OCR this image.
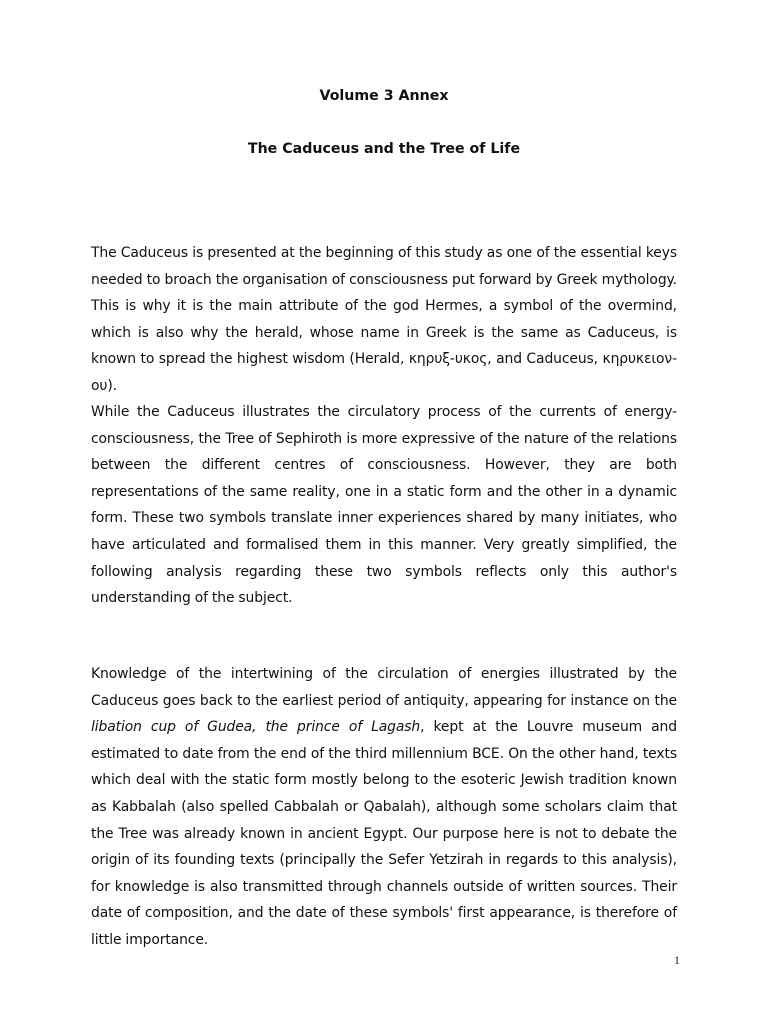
Volume 3 Annex
The Caduceus and the Tree of Life

The Caduceus is presented at the beginning of this study as one of the essential keys needed to broach the organisation of consciousness put forward by Greek mythology. This is why it is the main attribute of the god Hermes, a symbol of the overmind, which is also why the herald, whose name in Greek is the same as Caduceus, is known to spread the highest wisdom (Herald, κηρυξ-υκος, and Caduceus, κηρυκειον-ου).

While the Caduceus illustrates the circulatory process of the currents of energy-consciousness, the Tree of Sephiroth is more expressive of the nature of the relations between the different centres of consciousness. However, they are both representations of the same reality, one in a static form and the other in a dynamic form. These two symbols translate inner experiences shared by many initiates, who have articulated and formalised them in this manner. Very greatly simplified, the following analysis regarding these two symbols reflects only this author's understanding of the subject.

Knowledge of the intertwining of the circulation of energies illustrated by the Caduceus goes back to the earliest period of antiquity, appearing for instance on the libation cup of Gudea, the prince of Lagash, kept at the Louvre museum and estimated to date from the end of the third millennium BCE. On the other hand, texts which deal with the static form mostly belong to the esoteric Jewish tradition known as Kabbalah (also spelled Cabbalah or Qabalah), although some scholars claim that the Tree was already known in ancient Egypt. Our purpose here is not to debate the origin of its founding texts (principally the Sefer Yetzirah in regards to this analysis), for knowledge is also transmitted through channels outside of written sources. Their date of composition, and the date of these symbols' first appearance, is therefore of little importance.

1
